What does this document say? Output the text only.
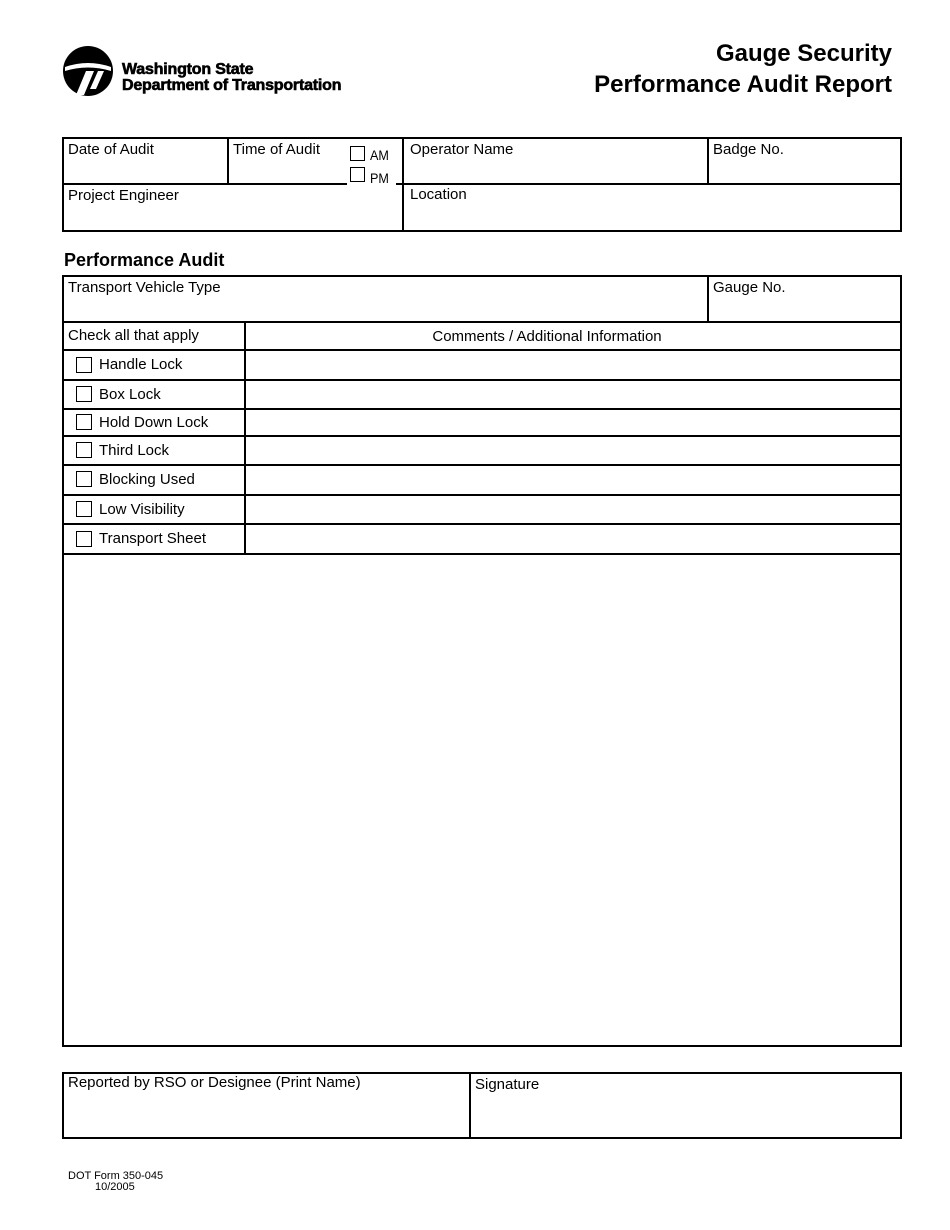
Washington State
Department of Transportation
Gauge Security
Performance Audit Report
Date of Audit	Time of Audit	AM
PM
Operator Name	Badge No.
Project Engineer	Location
Performance Audit
Transport Vehicle Type	Gauge No.
Check all that apply	Comments / Additional Information
Handle Lock
Box Lock
Hold Down Lock
Third Lock
Blocking Used
Low Visibility
Transport Sheet
Reported by RSO or Designee (Print Name)	Signature
DOT Form 350-045
10/2005
